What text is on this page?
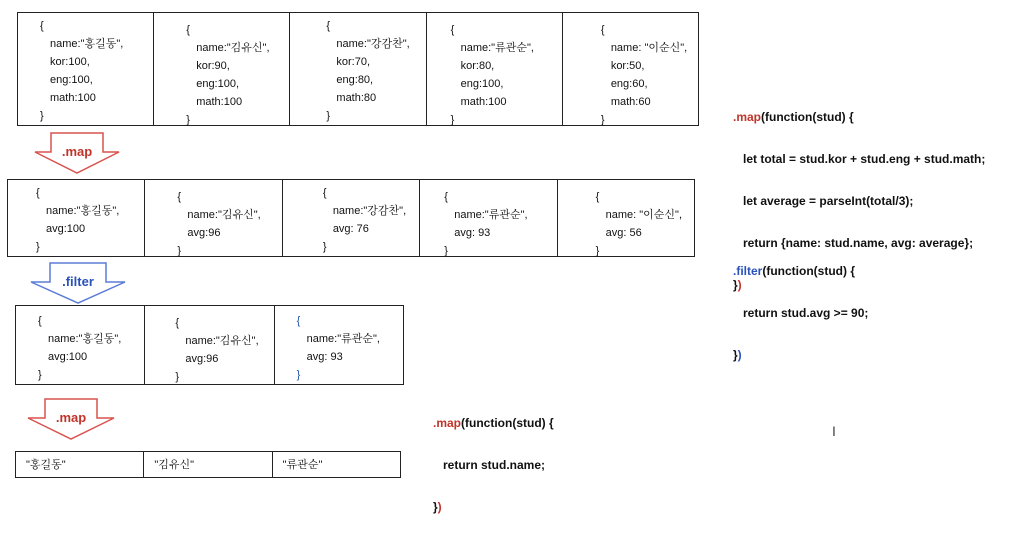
{
name:"홍길동",
kor:100,
eng:100,
math:100
}
{
name:"김유신",
kor:90,
eng:100,
math:100
}
{
name:"강감찬",
kor:70,
eng:80,
math:80
}
{
name:"류관순",
kor:80,
eng:100,
math:100
}
{
name: "이순신",
kor:50,
eng:60,
math:60
}
.map
{
name:"홍길동",
avg:100
}
{
name:"김유신",
avg:96
}
{
name:"강감찬",
avg: 76
}
{
name:"류관순",
avg: 93
}
{
name: "이순신",
avg: 56
}
.filter
{
name:"홍길동",
avg:100
}
{
name:"김유신",
avg:96
}
{
name:"류관순",
avg: 93
}
.map
"홍길동"	"김유신"	"류관순"

.map(function(stud) {

let total = stud.kor + stud.eng + stud.math;

let average = parseInt(total/3);

return {name: stud.name, avg: average};

})

.filter(function(stud) {

return stud.avg >= 90;

})

.map(function(stud) {

return stud.name;

})

I
